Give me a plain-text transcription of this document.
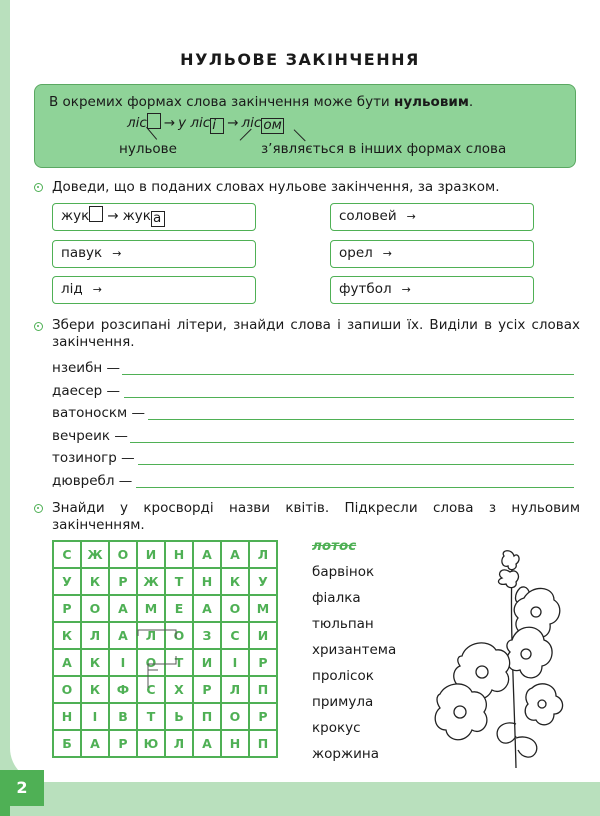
НУЛЬОВЕ ЗАКІНЧЕННЯ
В окремих формах слова закінчення може бути нульовим.
ліс → у ліс і → ліс ом
нульове	з’являється в інших формах слова
Доведи, що в поданих словах нульове закінчення, за зразком.
жук → жук а
павук →
лід →
соловей →
орел →
футбол →
Збери розсипані літери, знайди слова і запиши їх. Виділи в усіх словах закінчення.
нзеибн —
даесер —
ватоноскм —
вечреик —
тозиногр —
дювребл —
Знайди у кросворді назви квітів. Підкресли слова з нульовим закінченням.
С	Ж	О	И	Н	А	А	Л
У	К	Р	Ж	Т	Н	К	У
Р	О	А	М	Е	А	О	М
К	Л	А	Л	О	З	С	И
А	К	І	О	Т	И	І	Р
О	К	Ф	С	Х	Р	Л	П
Н	І	В	Т	Ь	П	О	Р
Б	А	Р	Ю	Л	А	Н	П
лотос
барвінок
фіалка
тюльпан
хризантема
пролісок
примула
крокус
жоржина
2
